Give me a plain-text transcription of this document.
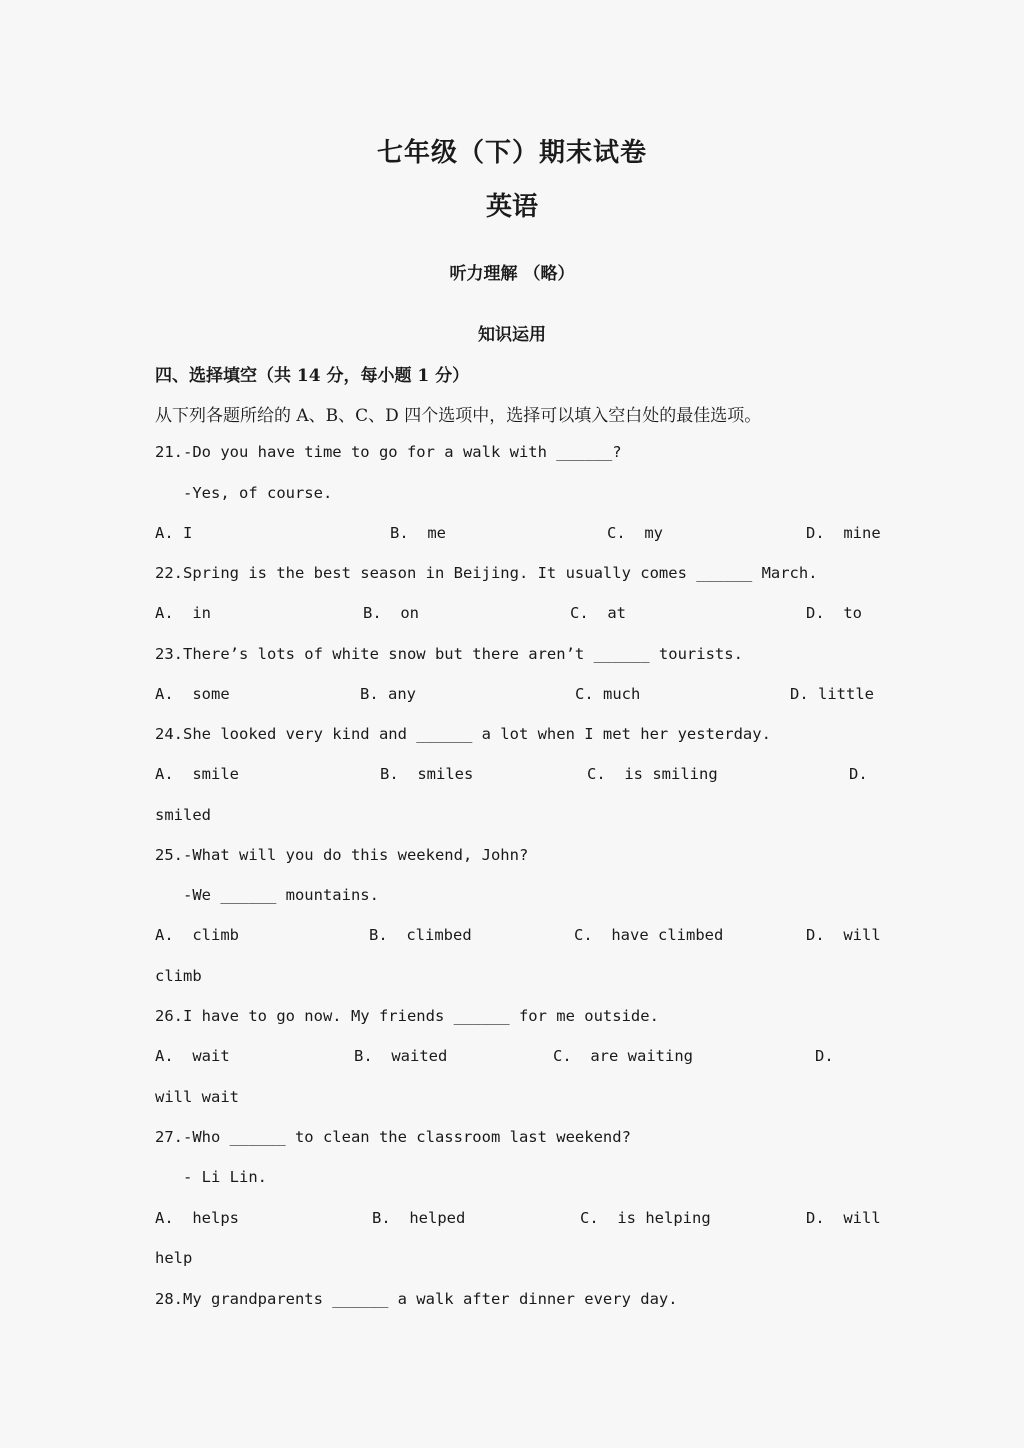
七年级（下）期末试卷
英语
听力理解 （略）
知识运用
四、选择填空（共 14 分，每小题 1 分）
从下列各题所给的 A、B、C、D 四个选项中，选择可以填入空白处的最佳选项。
21.-Do you have time to go for a walk with ______?
-Yes, of course.
A. I	B.  me	C.  my	D.  mine
22.Spring is the best season in Beijing. It usually comes ______ March.
A.  in	B.  on	C.  at	D.  to
23.There’s lots of white snow but there aren’t ______ tourists.
A.  some	B. any	C. much	D. little
24.She looked very kind and ______ a lot when I met her yesterday.
A.  smile	B.  smiles	C.  is smiling	D.
smiled
25.-What will you do this weekend, John?
-We ______ mountains.
A.  climb	B.  climbed	C.  have climbed	D.  will
climb
26.I have to go now. My friends ______ for me outside.
A.  wait	B.  waited	C.  are waiting	D.
will wait
27.-Who ______ to clean the classroom last weekend?
- Li Lin.
A.  helps	B.  helped	C.  is helping	D.  will
help
28.My grandparents ______ a walk after dinner every day.
